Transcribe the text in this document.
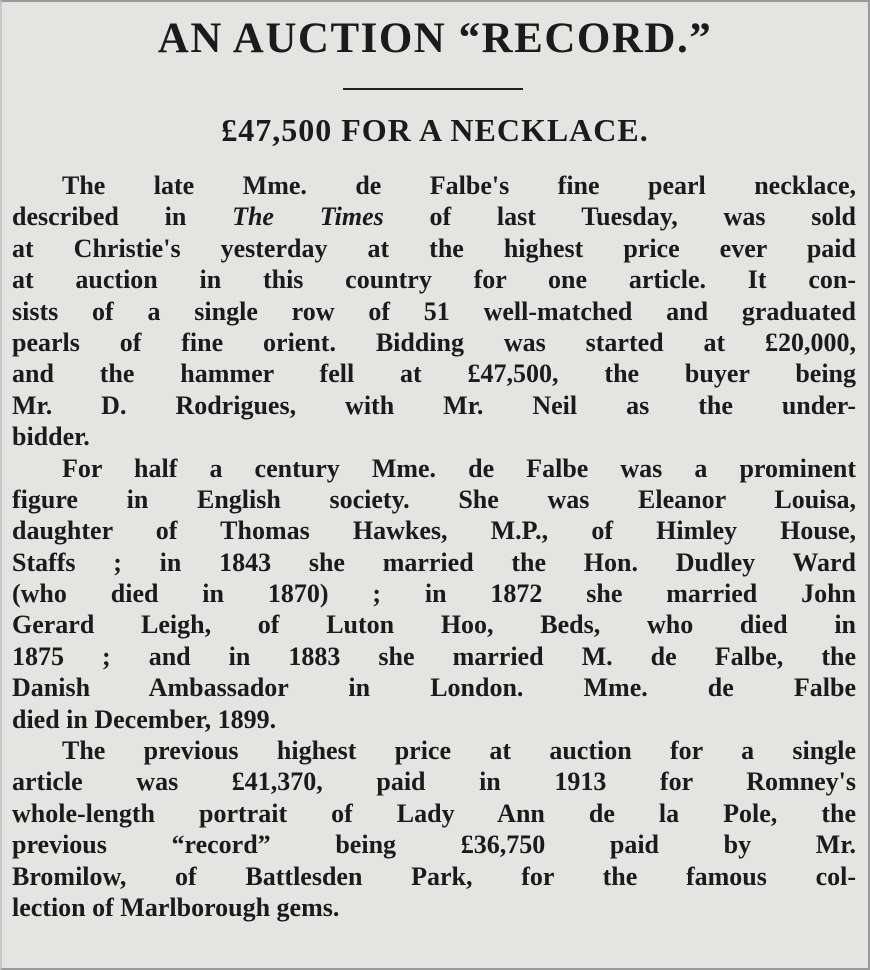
AN AUCTION “RECORD.”
£47,500 FOR A NECKLACE.
The late Mme. de Falbe's fine pearl necklace,
described in The Times of last Tuesday, was sold
at Christie's yesterday at the highest price ever paid
at auction in this country for one article. It con-
sists of a single row of 51 well-matched and graduated
pearls of fine orient. Bidding was started at £20,000,
and the hammer fell at £47,500, the buyer being
Mr. D. Rodrigues, with Mr. Neil as the under-
bidder.
For half a century Mme. de Falbe was a prominent
figure in English society. She was Eleanor Louisa,
daughter of Thomas Hawkes, M.P., of Himley House,
Staffs ; in 1843 she married the Hon. Dudley Ward
(who died in 1870) ; in 1872 she married John
Gerard Leigh, of Luton Hoo, Beds, who died in
1875 ; and in 1883 she married M. de Falbe, the
Danish Ambassador in London. Mme. de Falbe
died in December, 1899.
The previous highest price at auction for a single
article was £41,370, paid in 1913 for Romney's
whole-length portrait of Lady Ann de la Pole, the
previous “record” being £36,750 paid by Mr.
Bromilow, of Battlesden Park, for the famous col-
lection of Marlborough gems.
